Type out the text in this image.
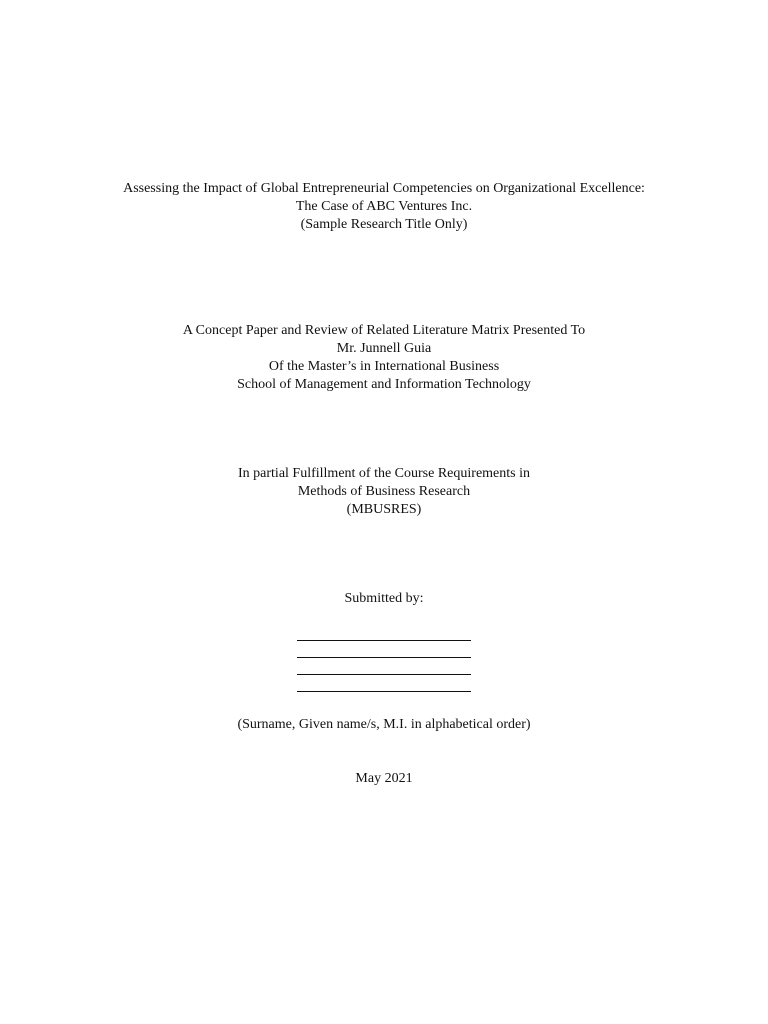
Assessing the Impact of Global Entrepreneurial Competencies on Organizational Excellence:
The Case of ABC Ventures Inc.
(Sample Research Title Only)
A Concept Paper and Review of Related Literature Matrix Presented To
Mr. Junnell Guia
Of the Master’s in International Business
School of Management and Information Technology
In partial Fulfillment of the Course Requirements in
Methods of Business Research
(MBUSRES)
Submitted by:
(Surname, Given name/s, M.I. in alphabetical order)
May 2021
